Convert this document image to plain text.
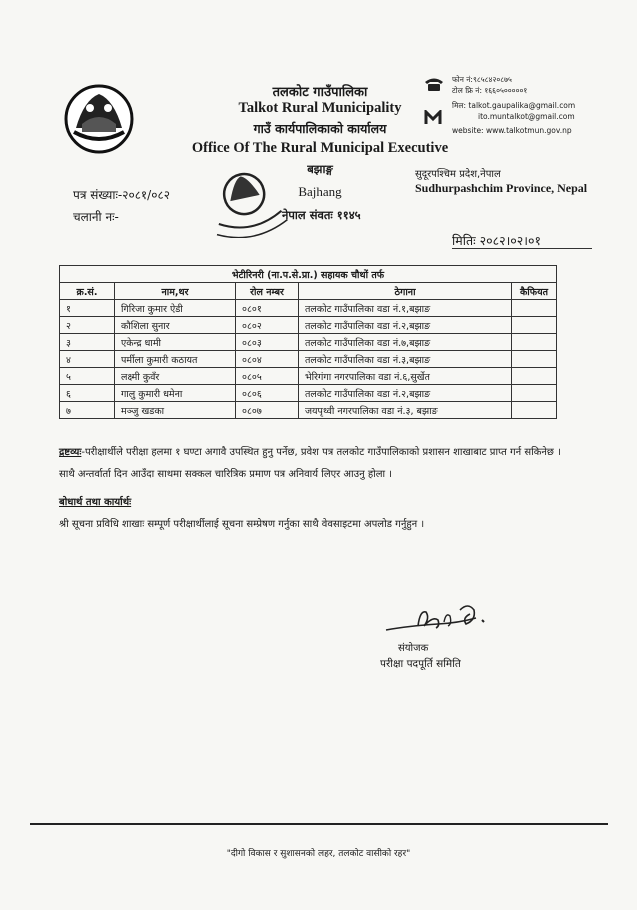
तलकोट गाउँपालिका
Talkot Rural Municipality
गाउँ कार्यपालिकाको कार्यालय
Office Of The Rural Municipal Executive
बझाङ्ग
Bajhang
फोन नं:९८५८४२०८७५
टोल फ्रि नं: १६६०५०००००१
मिल: talkot.gaupalika@gmail.com
ito.muntalkot@gmail.com
website: www.talkotmun.gov.np
सुदूरपश्चिम प्रदेश,नेपाल
Sudhurpashchim Province, Nepal
पत्र संख्याः-२०८१/०८२
चलानी नः-	नेपाल संवतः ११४५
मितिः २०८२।०२।०१
भेटीरिनरी (ना.प.से.प्रा.) सहायक चौथों तर्फ				
क्र.सं.	नाम,थर	रोल नम्बर	ठेगाना	कैफियत
१	गिरिजा कुमार ऐडी	०८०१	तलकोट गाउँपालिका वडा नं.१,बझाङ	
२	कौशिला सुनार	०८०२	तलकोट गाउँपालिका वडा नं.२,बझाङ	
३	एकेन्द्र धामी	०८०३	तलकोट गाउँपालिका वडा नं.७,बझाङ	
४	पर्मीला कुमारी कठायत	०८०४	तलकोट गाउँपालिका वडा नं.३,बझाङ	
५	लक्ष्मी कुवँर	०८०५	भेरिगंगा नगरपालिका वडा नं.६,सुर्खेत	
६	गालु कुमारी धमेना	०८०६	तलकोट गाउँपालिका वडा नं.२,बझाङ	
७	मञ्जु खडका	०८०७	जयपृथ्वी नगरपालिका वडा नं.३, बझाङ	
द्रष्टव्यः-परीक्षार्थीले परीक्षा हलमा १ घण्टा अगावै उपस्थित हुनु पर्नेछ, प्रवेश पत्र तलकोट गाउँपालिकाको प्रशासन शाखाबाट प्राप्त गर्न सकिनेछ । साथै अन्तर्वार्ता दिन आउँदा साथमा सक्कल चारित्रिक प्रमाण पत्र अनिवार्य लिएर आउनु होला ।
बोधार्थ तथा कार्यार्थः
श्री सूचना प्रविधि शाखाः सम्पूर्ण परीक्षार्थीलाई सूचना सम्प्रेषण गर्नुका साथै वेवसाइटमा अपलोड गर्नुहुन ।
संयोजक
परीक्षा पदपूर्ति समिति
"दीगो विकास र सुशासनको लहर, तलकोट वासीको रहर"
